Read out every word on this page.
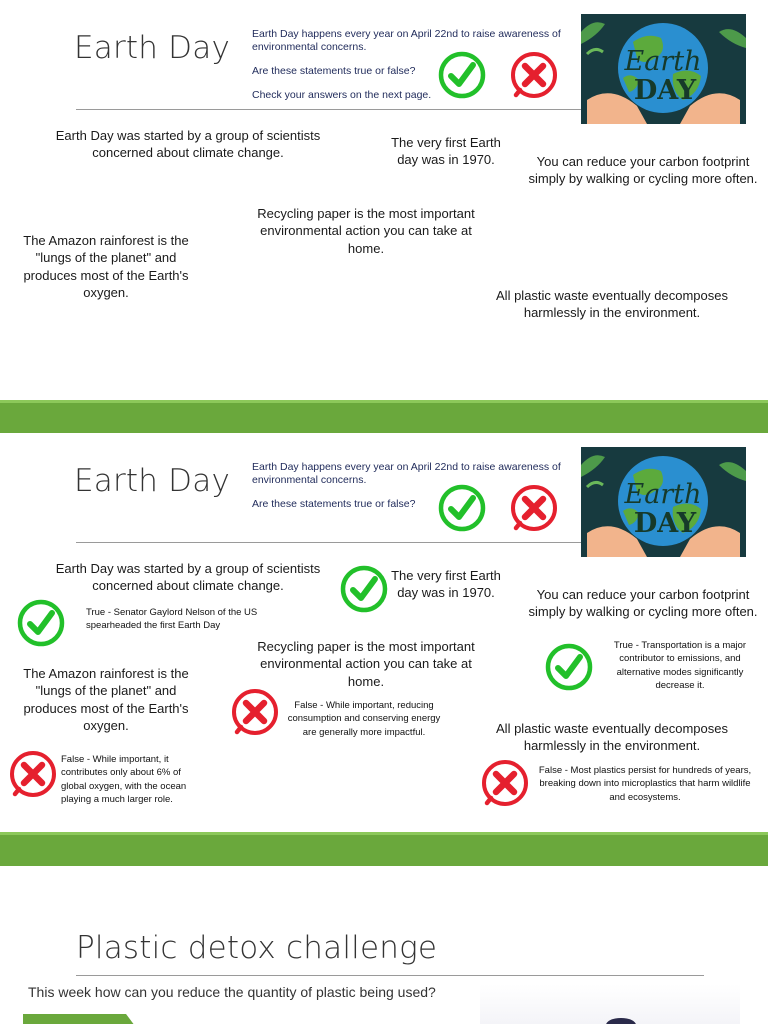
Earth Day Earth Day happens every year on April 22nd to raise awareness of environmental concerns.
Are these statements true or false?
Check your answers on the next page.
Earth
DAY
Earth Day was started by a group of scientists concerned about climate change.
The very first Earth day was in 1970.	You can reduce your carbon footprint simply by walking or cycling more often.
Recycling paper is the most important environmental action you can take at home.
The Amazon rainforest is the "lungs of the planet" and produces most of the Earth's oxygen.	All plastic waste eventually decomposes harmlessly in the environment.
Earth Day Earth Day happens every year on April 22nd to raise awareness of environmental concerns.
Are these statements true or false?	Earth
DAY
Earth Day was started by a group of scientists concerned about climate change.
True - Senator Gaylord Nelson of the US spearheaded the first Earth Day
The very first Earth day was in 1970.	You can reduce your carbon footprint simply by walking or cycling more often.
True - Transportation is a major contributor to emissions, and alternative modes significantly decrease it.
Recycling paper is the most important environmental action you can take at home.
False - While important, reducing consumption and conserving energy are generally more impactful.
The Amazon rainforest is the "lungs of the planet" and produces most of the Earth's oxygen.
False - While important, it contributes only about 6% of global oxygen, with the ocean playing a much larger role.
All plastic waste eventually decomposes harmlessly in the environment.
False - Most plastics persist for hundreds of years, breaking down into microplastics that harm wildlife and ecosystems.
Plastic detox challenge
This week how can you reduce the quantity of plastic being used?
